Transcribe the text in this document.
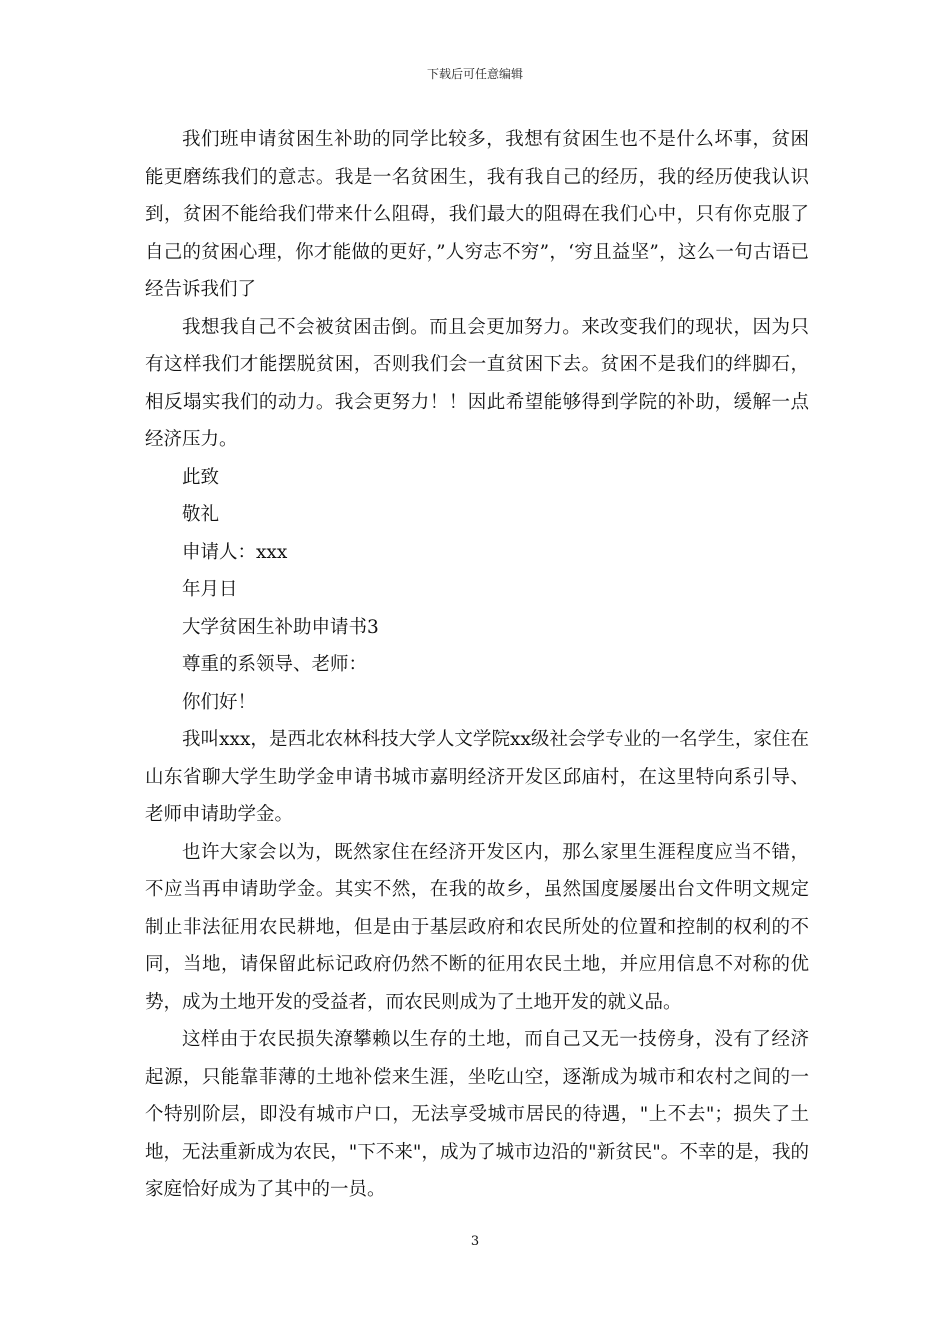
下载后可任意编辑

我们班申请贫困生补助的同学比较多，我想有贫困生也不是什么坏事，贫困能更磨练我们的意志。我是一名贫困生，我有我自己的经历，我的经历使我认识到，贫困不能给我们带来什么阻碍，我们最大的阻碍在我们心中，只有你克服了自己的贫困心理，你才能做的更好，”人穷志不穷”，‘穷且益坚”，这么一句古语已经告诉我们了

我想我自己不会被贫困击倒。而且会更加努力。来改变我们的现状，因为只有这样我们才能摆脱贫困，否则我们会一直贫困下去。贫困不是我们的绊脚石，相反塌实我们的动力。我会更努力！！因此希望能够得到学院的补助，缓解一点经济压力。

此致

敬礼

申请人：xxx

年月日

大学贫困生补助申请书3

尊重的系领导、老师：

你们好！

我叫xxx，是西北农林科技大学人文学院xx级社会学专业的一名学生，家住在山东省聊大学生助学金申请书城市嘉明经济开发区邱庙村，在这里特向系引导、老师申请助学金。

也许大家会以为，既然家住在经济开发区内，那么家里生涯程度应当不错，不应当再申请助学金。其实不然，在我的故乡，虽然国度屡屡出台文件明文规定制止非法征用农民耕地，但是由于基层政府和农民所处的位置和控制的权利的不同，当地，请保留此标记政府仍然不断的征用农民土地，并应用信息不对称的优势，成为土地开发的受益者，而农民则成为了土地开发的就义品。

这样由于农民损失潦攀赖以生存的土地，而自己又无一技傍身，没有了经济起源，只能靠菲薄的土地补偿来生涯，坐吃山空，逐渐成为城市和农村之间的一个特别阶层，即没有城市户口，无法享受城市居民的待遇，"上不去"；损失了土地，无法重新成为农民，"下不来"，成为了城市边沿的"新贫民"。不幸的是，我的家庭恰好成为了其中的一员。

3
